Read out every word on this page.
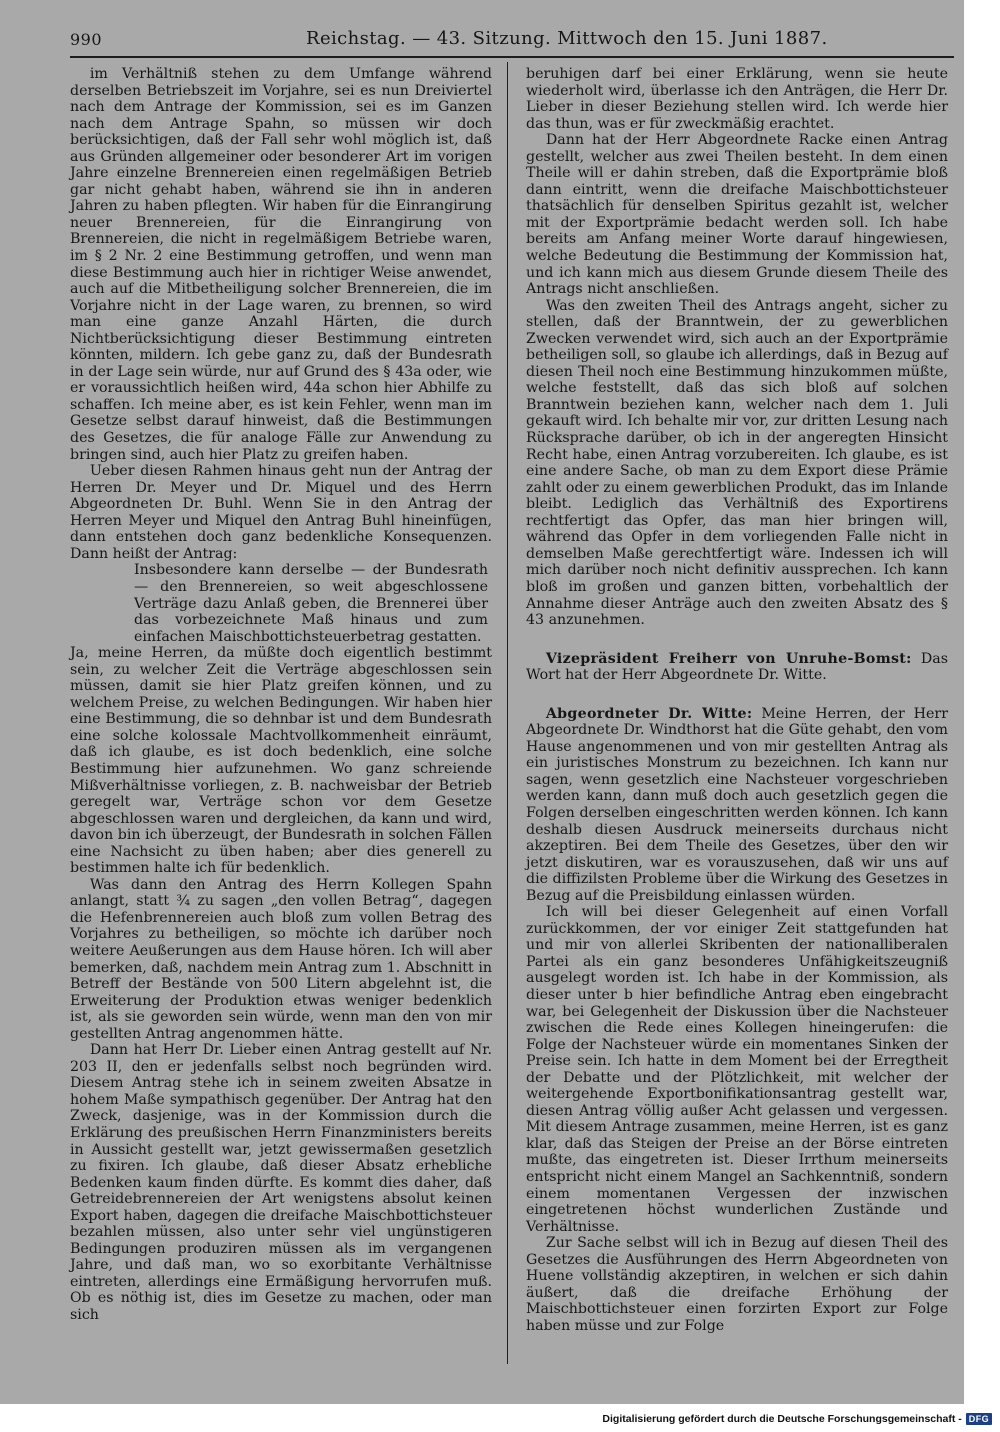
990	Reichstag. — 43. Sitzung. Mittwoch den 15. Juni 1887.

im Verhältniß stehen zu dem Umfange während derselben Betriebszeit im Vorjahre, sei es nun Dreiviertel nach dem Antrage der Kommission, sei es im Ganzen nach dem Antrage Spahn, so müssen wir doch berücksichtigen, daß der Fall sehr wohl möglich ist, daß aus Gründen allgemeiner oder besonderer Art im vorigen Jahre einzelne Brennereien einen regelmäßigen Betrieb gar nicht gehabt haben, während sie ihn in anderen Jahren zu haben pflegten. Wir haben für die Einrangirung neuer Brennereien, für die Einrangirung von Brennereien, die nicht in regelmäßigem Betriebe waren, im § 2 Nr. 2 eine Bestimmung getroffen, und wenn man diese Bestimmung auch hier in richtiger Weise anwendet, auch auf die Mitbetheiligung solcher Brennereien, die im Vorjahre nicht in der Lage waren, zu brennen, so wird man eine ganze Anzahl Härten, die durch Nichtberücksichtigung dieser Bestimmung eintreten könnten, mildern. Ich gebe ganz zu, daß der Bundesrath in der Lage sein würde, nur auf Grund des § 43a oder, wie er voraussichtlich heißen wird, 44a schon hier Abhilfe zu schaffen. Ich meine aber, es ist kein Fehler, wenn man im Gesetze selbst darauf hinweist, daß die Bestimmungen des Gesetzes, die für analoge Fälle zur Anwendung zu bringen sind, auch hier Platz zu greifen haben.

Ueber diesen Rahmen hinaus geht nun der Antrag der Herren Dr. Meyer und Dr. Miquel und des Herrn Abgeordneten Dr. Buhl. Wenn Sie in den Antrag der Herren Meyer und Miquel den Antrag Buhl hineinfügen, dann entstehen doch ganz bedenkliche Konsequenzen. Dann heißt der Antrag:

Insbesondere kann derselbe — der Bundesrath — den Brennereien, so weit abgeschlossene Verträge dazu Anlaß geben, die Brennerei über das vorbezeichnete Maß hinaus und zum einfachen Maischbottichsteuerbetrag gestatten.

Ja, meine Herren, da müßte doch eigentlich bestimmt sein, zu welcher Zeit die Verträge abgeschlossen sein müssen, damit sie hier Platz greifen können, und zu welchem Preise, zu welchen Bedingungen. Wir haben hier eine Bestimmung, die so dehnbar ist und dem Bundesrath eine solche kolossale Machtvollkommenheit einräumt, daß ich glaube, es ist doch bedenklich, eine solche Bestimmung hier aufzunehmen. Wo ganz schreiende Mißverhältnisse vorliegen, z. B. nachweisbar der Betrieb geregelt war, Verträge schon vor dem Gesetze abgeschlossen waren und dergleichen, da kann und wird, davon bin ich überzeugt, der Bundesrath in solchen Fällen eine Nachsicht zu üben haben; aber dies generell zu bestimmen halte ich für bedenklich.

Was dann den Antrag des Herrn Kollegen Spahn anlangt, statt ¾ zu sagen „den vollen Betrag“, dagegen die Hefenbrennereien auch bloß zum vollen Betrag des Vorjahres zu betheiligen, so möchte ich darüber noch weitere Aeußerungen aus dem Hause hören. Ich will aber bemerken, daß, nachdem mein Antrag zum 1. Abschnitt in Betreff der Bestände von 500 Litern abgelehnt ist, die Erweiterung der Produktion etwas weniger bedenklich ist, als sie geworden sein würde, wenn man den von mir gestellten Antrag angenommen hätte.

Dann hat Herr Dr. Lieber einen Antrag gestellt auf Nr. 203 II, den er jedenfalls selbst noch begründen wird. Diesem Antrag stehe ich in seinem zweiten Absatze in hohem Maße sympathisch gegenüber. Der Antrag hat den Zweck, dasjenige, was in der Kommission durch die Erklärung des preußischen Herrn Finanzministers bereits in Aussicht gestellt war, jetzt gewissermaßen gesetzlich zu fixiren. Ich glaube, daß dieser Absatz erhebliche Bedenken kaum finden dürfte. Es kommt dies daher, daß Getreidebrennereien der Art wenigstens absolut keinen Export haben, dagegen die dreifache Maischbottichsteuer bezahlen müssen, also unter sehr viel ungünstigeren Bedingungen produziren müssen als im vergangenen Jahre, und daß man, wo so exorbitante Verhältnisse eintreten, allerdings eine Ermäßigung hervorrufen muß. Ob es nöthig ist, dies im Gesetze zu machen, oder man sich

beruhigen darf bei einer Erklärung, wenn sie heute wiederholt wird, überlasse ich den Anträgen, die Herr Dr. Lieber in dieser Beziehung stellen wird. Ich werde hier das thun, was er für zweckmäßig erachtet.

Dann hat der Herr Abgeordnete Racke einen Antrag gestellt, welcher aus zwei Theilen besteht. In dem einen Theile will er dahin streben, daß die Exportprämie bloß dann eintritt, wenn die dreifache Maischbottichsteuer thatsächlich für denselben Spiritus gezahlt ist, welcher mit der Exportprämie bedacht werden soll. Ich habe bereits am Anfang meiner Worte darauf hingewiesen, welche Bedeutung die Bestimmung der Kommission hat, und ich kann mich aus diesem Grunde diesem Theile des Antrags nicht anschließen.

Was den zweiten Theil des Antrags angeht, sicher zu stellen, daß der Branntwein, der zu gewerblichen Zwecken verwendet wird, sich auch an der Exportprämie betheiligen soll, so glaube ich allerdings, daß in Bezug auf diesen Theil noch eine Bestimmung hinzukommen müßte, welche feststellt, daß das sich bloß auf solchen Branntwein beziehen kann, welcher nach dem 1. Juli gekauft wird. Ich behalte mir vor, zur dritten Lesung nach Rücksprache darüber, ob ich in der angeregten Hinsicht Recht habe, einen Antrag vorzubereiten. Ich glaube, es ist eine andere Sache, ob man zu dem Export diese Prämie zahlt oder zu einem gewerblichen Produkt, das im Inlande bleibt. Lediglich das Verhältniß des Exportirens rechtfertigt das Opfer, das man hier bringen will, während das Opfer in dem vorliegenden Falle nicht in demselben Maße gerechtfertigt wäre. Indessen ich will mich darüber noch nicht definitiv aussprechen. Ich kann bloß im großen und ganzen bitten, vorbehaltlich der Annahme dieser Anträge auch den zweiten Absatz des § 43 anzunehmen.

Vizepräsident Freiherr von Unruhe-Bomst: Das Wort hat der Herr Abgeordnete Dr. Witte.

Abgeordneter Dr. Witte: Meine Herren, der Herr Abgeordnete Dr. Windthorst hat die Güte gehabt, den vom Hause angenommenen und von mir gestellten Antrag als ein juristisches Monstrum zu bezeichnen. Ich kann nur sagen, wenn gesetzlich eine Nachsteuer vorgeschrieben werden kann, dann muß doch auch gesetzlich gegen die Folgen derselben eingeschritten werden können. Ich kann deshalb diesen Ausdruck meinerseits durchaus nicht akzeptiren. Bei dem Theile des Gesetzes, über den wir jetzt diskutiren, war es vorauszusehen, daß wir uns auf die diffizilsten Probleme über die Wirkung des Gesetzes in Bezug auf die Preisbildung einlassen würden.

Ich will bei dieser Gelegenheit auf einen Vorfall zurückkommen, der vor einiger Zeit stattgefunden hat und mir von allerlei Skribenten der nationalliberalen Partei als ein ganz besonderes Unfähigkeitszeugniß ausgelegt worden ist. Ich habe in der Kommission, als dieser unter b hier befindliche Antrag eben eingebracht war, bei Gelegenheit der Diskussion über die Nachsteuer zwischen die Rede eines Kollegen hineingerufen: die Folge der Nachsteuer würde ein momentanes Sinken der Preise sein. Ich hatte in dem Moment bei der Erregtheit der Debatte und der Plötzlichkeit, mit welcher der weitergehende Exportbonifikationsantrag gestellt war, diesen Antrag völlig außer Acht gelassen und vergessen. Mit diesem Antrage zusammen, meine Herren, ist es ganz klar, daß das Steigen der Preise an der Börse eintreten mußte, das eingetreten ist. Dieser Irrthum meinerseits entspricht nicht einem Mangel an Sachkenntniß, sondern einem momentanen Vergessen der inzwischen eingetretenen höchst wunderlichen Zustände und Verhältnisse.

Zur Sache selbst will ich in Bezug auf diesen Theil des Gesetzes die Ausführungen des Herrn Abgeordneten von Huene vollständig akzeptiren, in welchen er sich dahin äußert, daß die dreifache Erhöhung der Maischbottichsteuer einen forzirten Export zur Folge haben müsse und zur Folge

Digitalisierung gefördert durch die Deutsche Forschungsgemeinschaft - DFG
